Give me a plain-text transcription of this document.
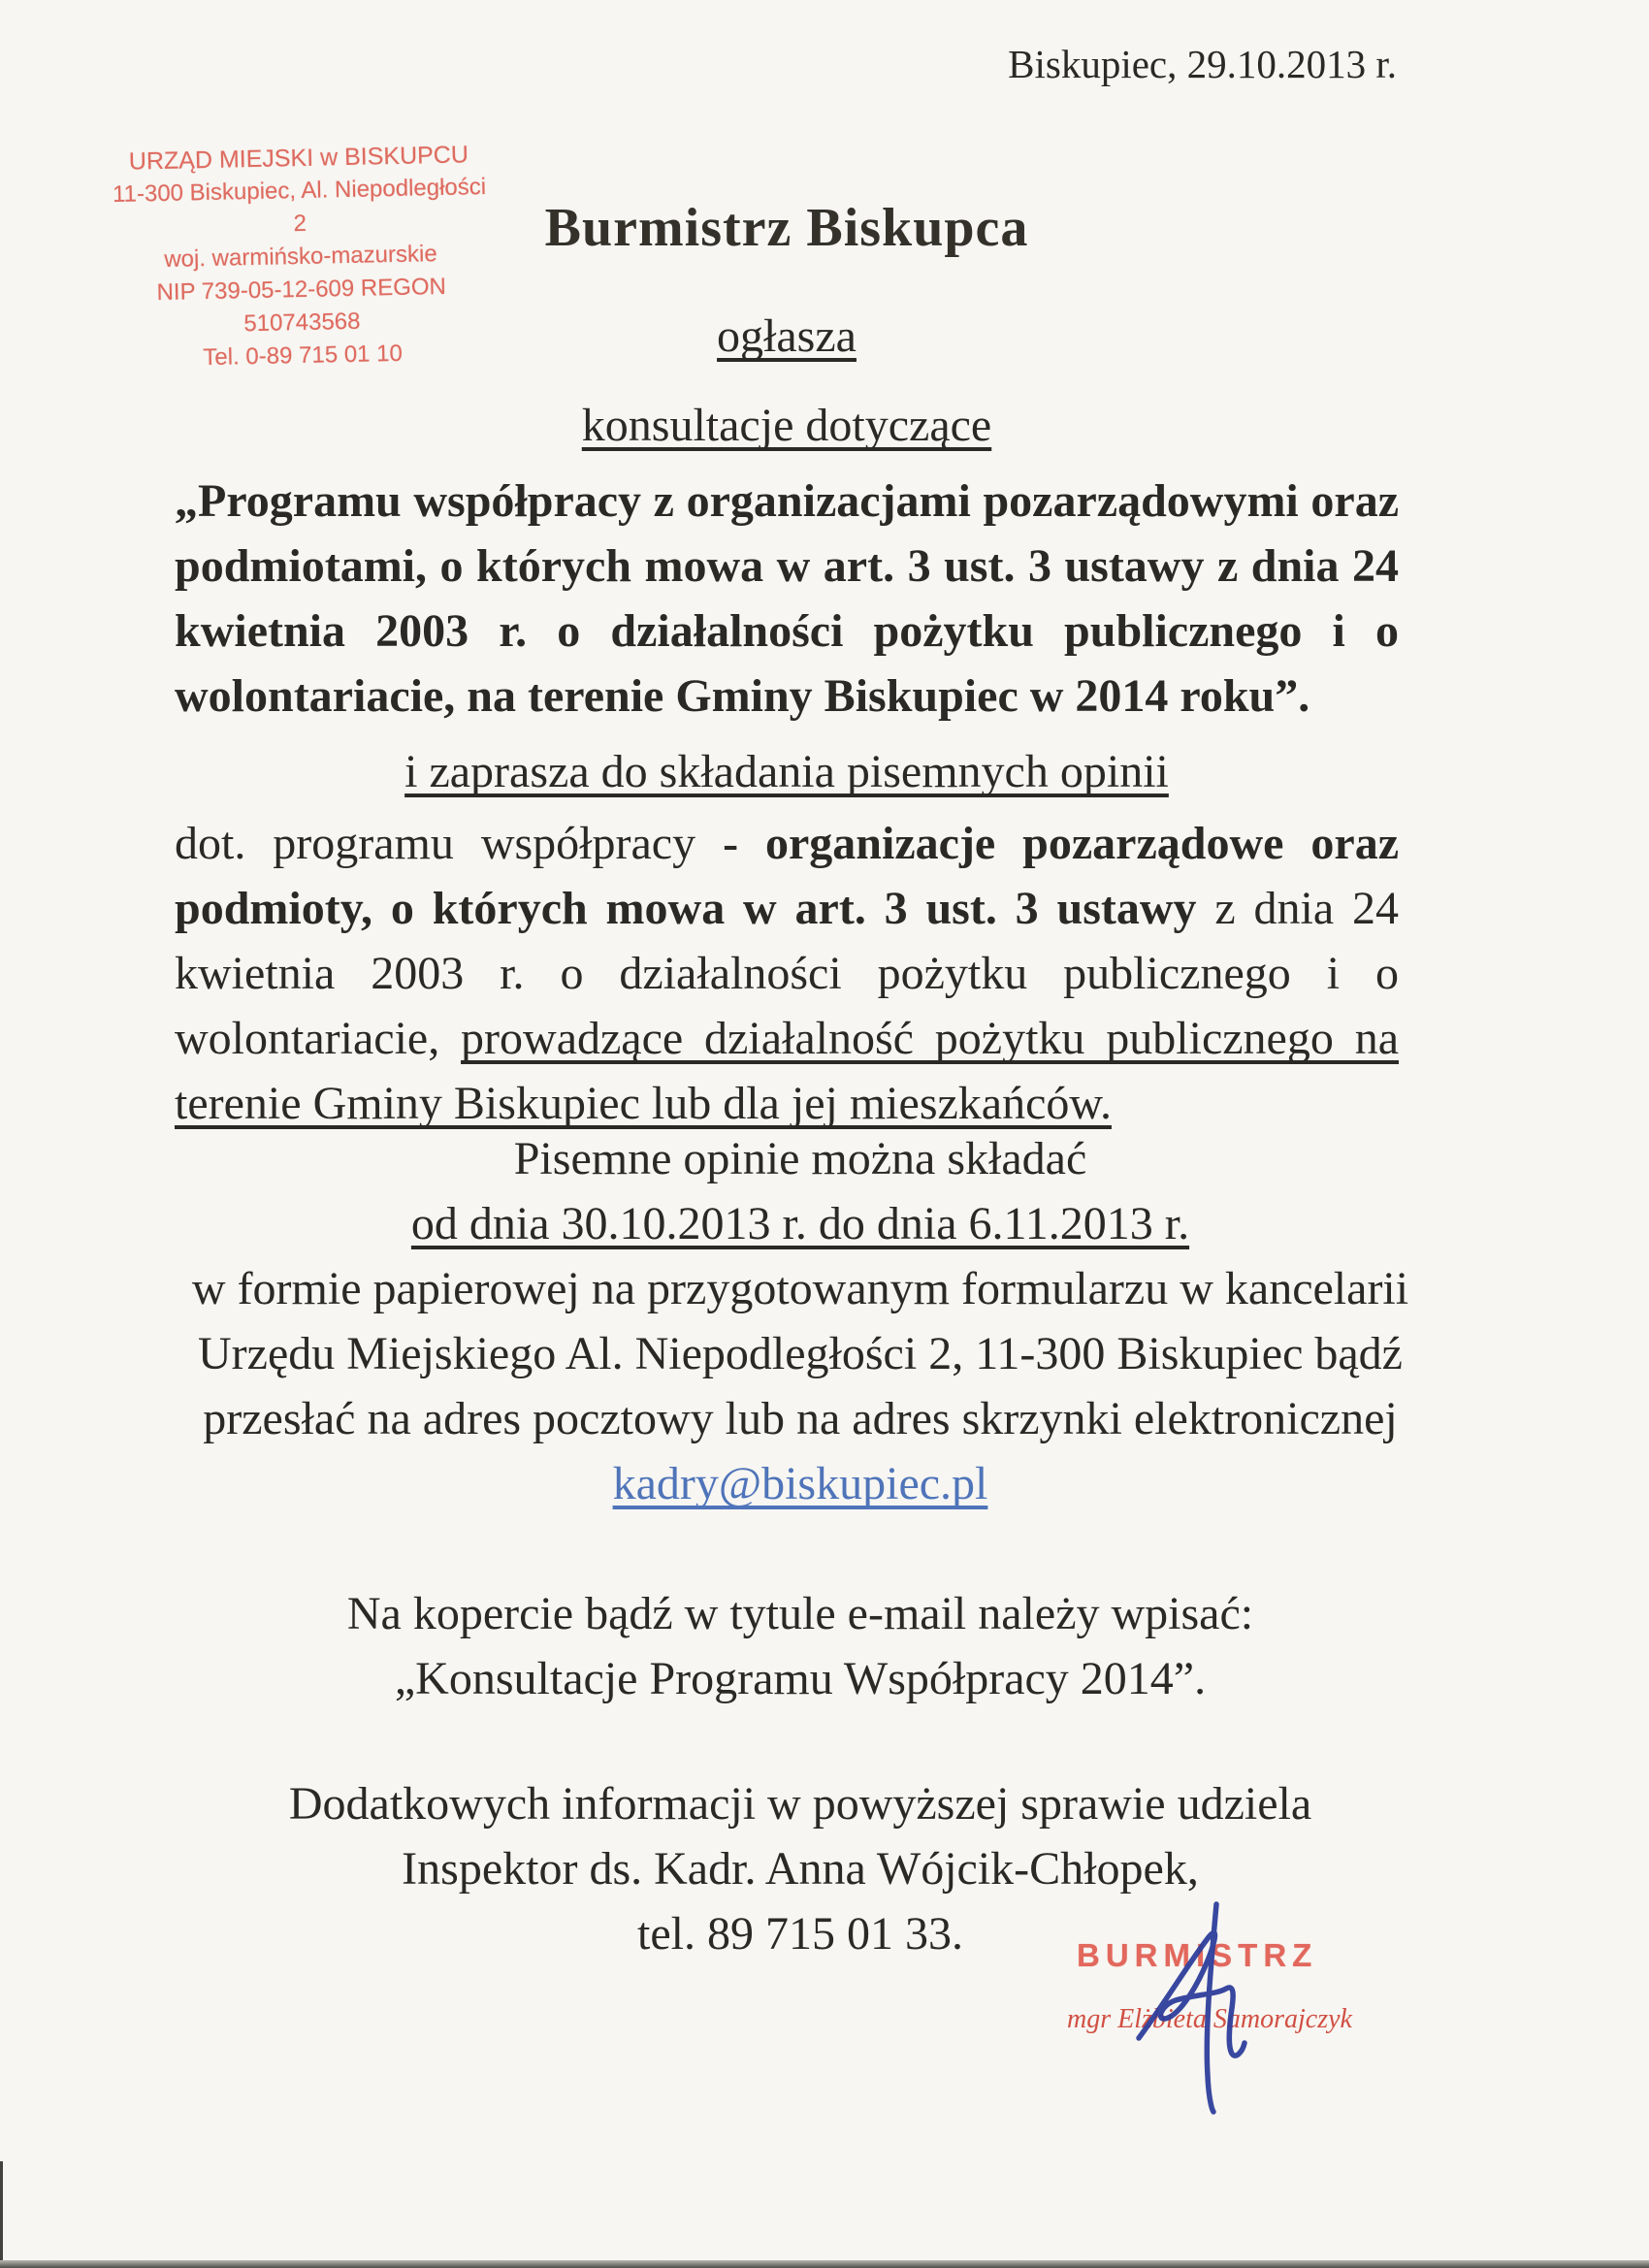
Biskupiec, 29.10.2013 r.
URZĄD MIEJSKI w BISKUPCU
11-300 Biskupiec, Al. Niepodległości 2
woj. warmińsko-mazurskie
NIP 739-05-12-609 REGON 510743568
Tel. 0-89 715 01 10
Burmistrz Biskupca
ogłasza
konsultacje dotyczące
„Programu współpracy z organizacjami pozarządowymi oraz podmiotami, o których mowa w art. 3 ust. 3 ustawy z dnia 24 kwietnia 2003 r. o działalności pożytku publicznego i o wolontariacie, na terenie Gminy Biskupiec w 2014 roku”.
i zaprasza do składania pisemnych opinii
dot. programu współpracy - organizacje pozarządowe oraz podmioty, o których mowa w art. 3 ust. 3 ustawy z dnia 24 kwietnia 2003 r. o działalności pożytku publicznego i o wolontariacie, prowadzące działalność pożytku publicznego na terenie Gminy Biskupiec lub dla jej mieszkańców.
Pisemne opinie można składać
od dnia 30.10.2013 r. do dnia 6.11.2013 r.
w formie papierowej na przygotowanym formularzu w kancelarii
Urzędu Miejskiego Al. Niepodległości 2, 11-300 Biskupiec bądź
przesłać na adres pocztowy lub na adres skrzynki elektronicznej
kadry@biskupiec.pl
Na kopercie bądź w tytule e-mail należy wpisać:
„Konsultacje Programu Współpracy 2014”.
Dodatkowych informacji w powyższej sprawie udziela
Inspektor ds. Kadr. Anna Wójcik-Chłopek,
tel. 89 715 01 33.	BURMISTRZ
mgr Elżbieta Samorajczyk
